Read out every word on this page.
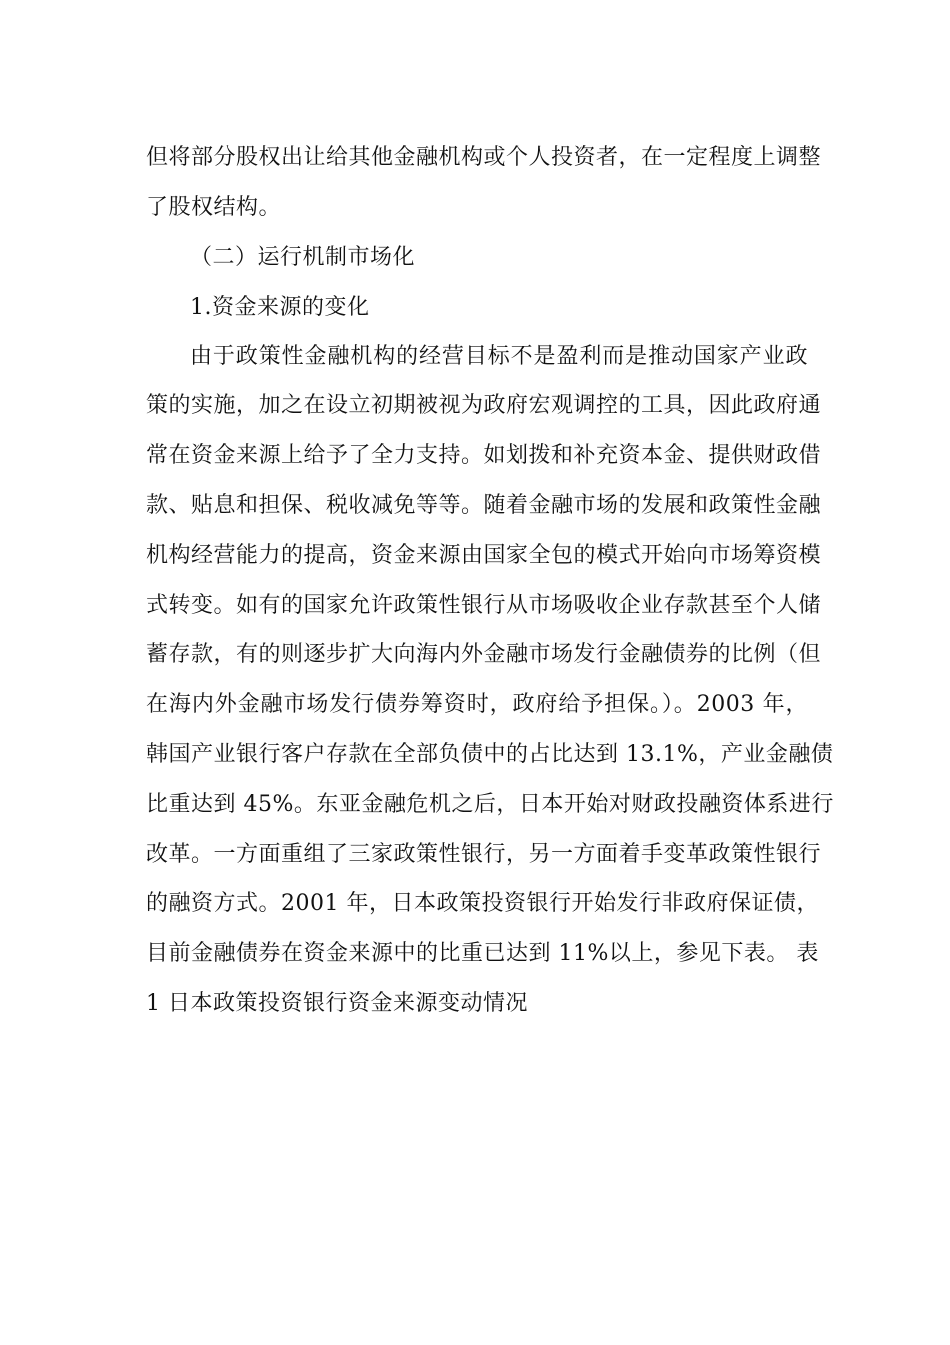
但将部分股权出让给其他金融机构或个人投资者，在一定程度上调整
了股权结构。
（二）运行机制市场化
1.资金来源的变化
由于政策性金融机构的经营目标不是盈利而是推动国家产业政
策的实施，加之在设立初期被视为政府宏观调控的工具，因此政府通
常在资金来源上给予了全力支持。如划拨和补充资本金、提供财政借
款、贴息和担保、税收减免等等。随着金融市场的发展和政策性金融
机构经营能力的提高，资金来源由国家全包的模式开始向市场筹资模
式转变。如有的国家允许政策性银行从市场吸收企业存款甚至个人储
蓄存款，有的则逐步扩大向海内外金融市场发行金融债券的比例（但
在海内外金融市场发行债券筹资时，政府给予担保。）。2003 年，
韩国产业银行客户存款在全部负债中的占比达到 13.1%，产业金融债
比重达到 45%。东亚金融危机之后，日本开始对财政投融资体系进行
改革。一方面重组了三家政策性银行，另一方面着手变革政策性银行
的融资方式。2001 年，日本政策投资银行开始发行非政府保证债，
目前金融债券在资金来源中的比重已达到 11%以上，参见下表。 表
1 日本政策投资银行资金来源变动情况
